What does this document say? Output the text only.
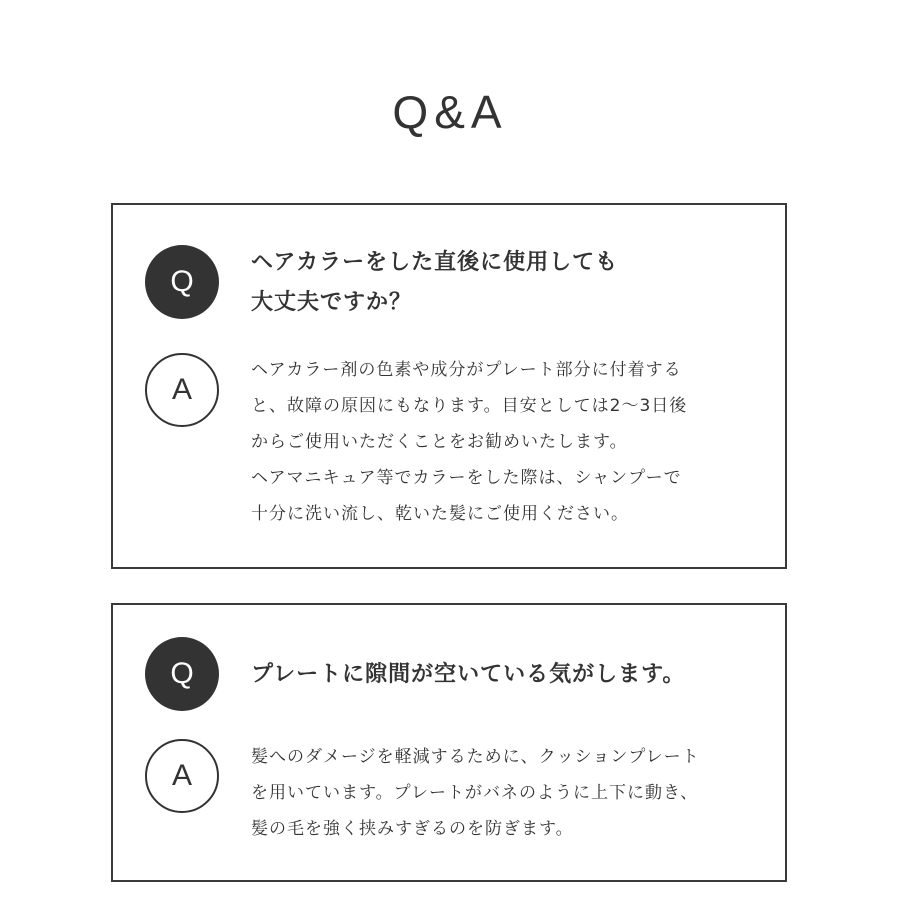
Q&A
Q

ヘアカラーをした直後に使用しても
大丈夫ですか？

A

ヘアカラー剤の色素や成分がプレート部分に付着する
と、故障の原因にもなります。目安としては2〜3日後
からご使用いただくことをお勧めいたします。
ヘアマニキュア等でカラーをした際は、シャンプーで
十分に洗い流し、乾いた髪にご使用ください。

Q	プレートに隙間が空いている気がします。

A

髪へのダメージを軽減するために、クッションプレート
を用いています。プレートがバネのように上下に動き、
髪の毛を強く挟みすぎるのを防ぎます。
